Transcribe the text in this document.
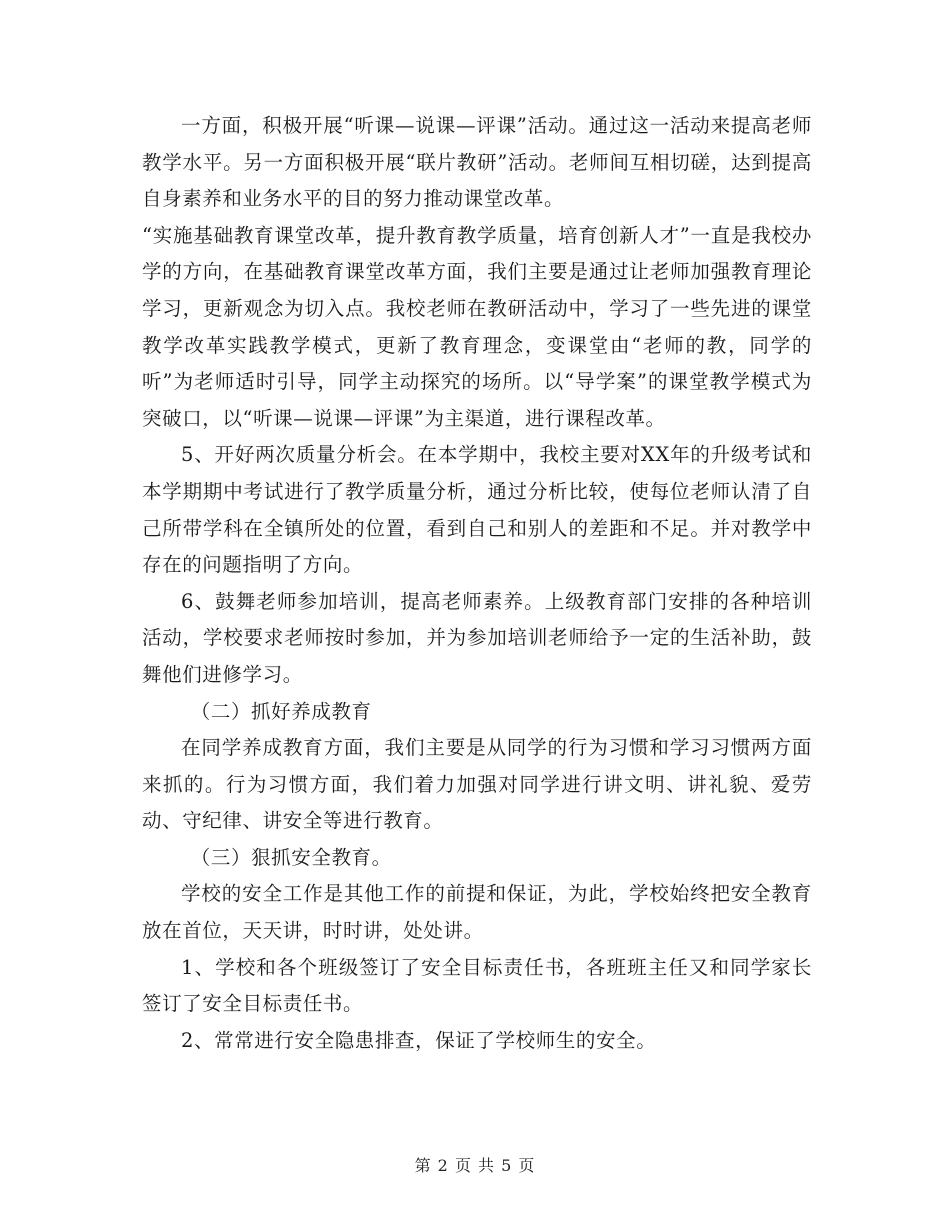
一方面，积极开展“听课—说课—评课”活动。通过这一活动来提高老师教学水平。另一方面积极开展“联片教研”活动。老师间互相切磋，达到提高自身素养和业务水平的目的努力推动课堂改革。

“实施基础教育课堂改革，提升教育教学质量，培育创新人才”一直是我校办学的方向，在基础教育课堂改革方面，我们主要是通过让老师加强教育理论学习，更新观念为切入点。我校老师在教研活动中，学习了一些先进的课堂教学改革实践教学模式，更新了教育理念，变课堂由“老师的教，同学的听”为老师适时引导，同学主动探究的场所。以“导学案”的课堂教学模式为突破口，以“听课—说课—评课”为主渠道，进行课程改革。

5、开好两次质量分析会。在本学期中，我校主要对XX年的升级考试和本学期期中考试进行了教学质量分析，通过分析比较，使每位老师认清了自己所带学科在全镇所处的位置，看到自己和别人的差距和不足。并对教学中存在的问题指明了方向。

6、鼓舞老师参加培训，提高老师素养。上级教育部门安排的各种培训活动，学校要求老师按时参加，并为参加培训老师给予一定的生活补助，鼓舞他们进修学习。

（二）抓好养成教育

在同学养成教育方面，我们主要是从同学的行为习惯和学习习惯两方面来抓的。行为习惯方面，我们着力加强对同学进行讲文明、讲礼貌、爱劳动、守纪律、讲安全等进行教育。

（三）狠抓安全教育。

学校的安全工作是其他工作的前提和保证，为此，学校始终把安全教育放在首位，天天讲，时时讲，处处讲。

1、学校和各个班级签订了安全目标责任书，各班班主任又和同学家长签订了安全目标责任书。

2、常常进行安全隐患排查，保证了学校师生的安全。

第 2 页 共 5 页
